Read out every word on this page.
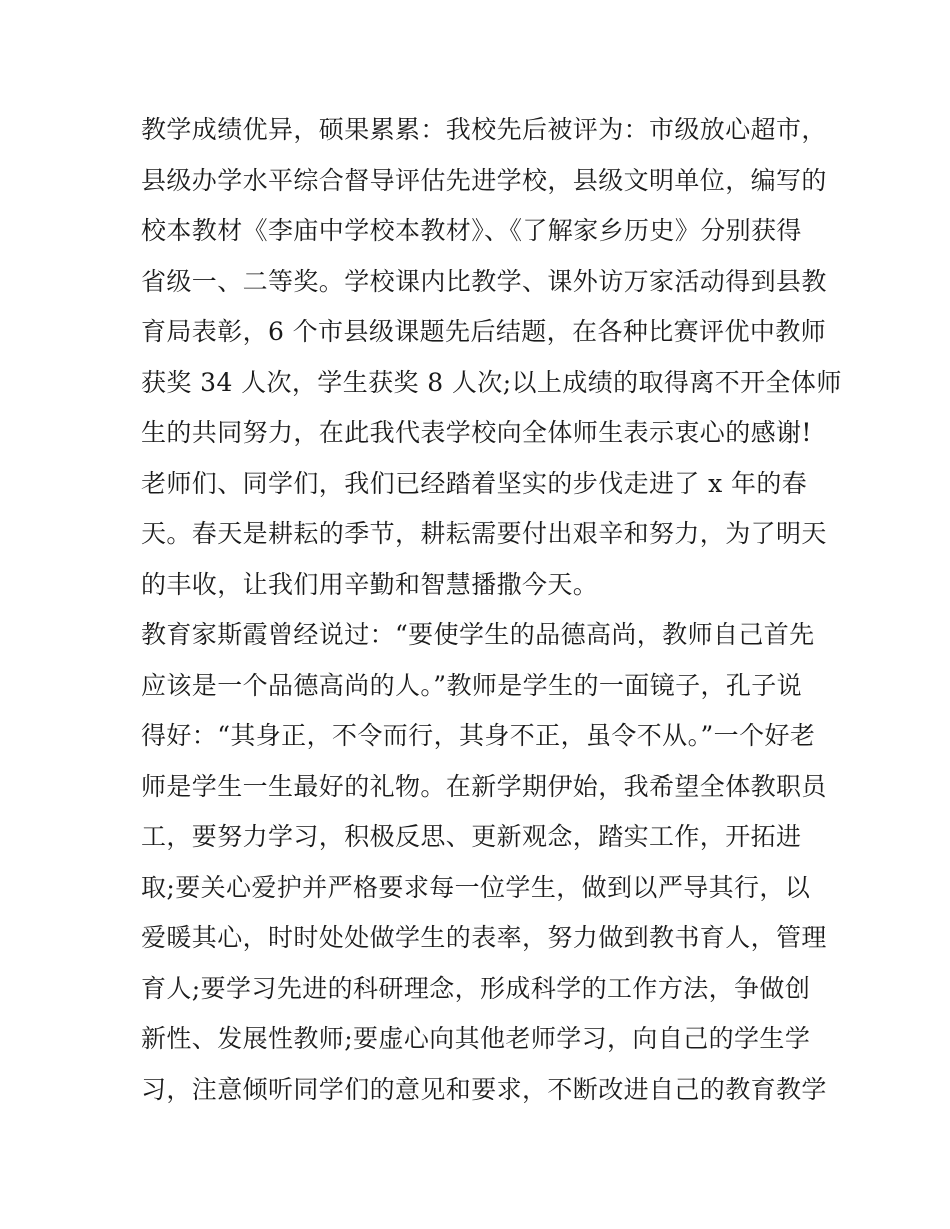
教学成绩优异，硕果累累：我校先后被评为：市级放心超市，
县级办学水平综合督导评估先进学校，县级文明单位，编写的
校本教材《李庙中学校本教材》、《了解家乡历史》分别获得
省级一、二等奖。学校课内比教学、课外访万家活动得到县教
育局表彰，6 个市县级课题先后结题，在各种比赛评优中教师
获奖 34 人次，学生获奖 8 人次;以上成绩的取得离不开全体师
生的共同努力，在此我代表学校向全体师生表示衷心的感谢!
老师们、同学们，我们已经踏着坚实的步伐走进了 x 年的春
天。春天是耕耘的季节，耕耘需要付出艰辛和努力，为了明天
的丰收，让我们用辛勤和智慧播撒今天。
教育家斯霞曾经说过：“要使学生的品德高尚，教师自己首先
应该是一个品德高尚的人。”教师是学生的一面镜子，孔子说
得好：“其身正，不令而行，其身不正，虽令不从。”一个好老
师是学生一生最好的礼物。在新学期伊始，我希望全体教职员
工，要努力学习，积极反思、更新观念，踏实工作，开拓进
取;要关心爱护并严格要求每一位学生，做到以严导其行，以
爱暖其心，时时处处做学生的表率，努力做到教书育人，管理
育人;要学习先进的科研理念，形成科学的工作方法，争做创
新性、发展性教师;要虚心向其他老师学习，向自己的学生学
习，注意倾听同学们的意见和要求，不断改进自己的教育教学
